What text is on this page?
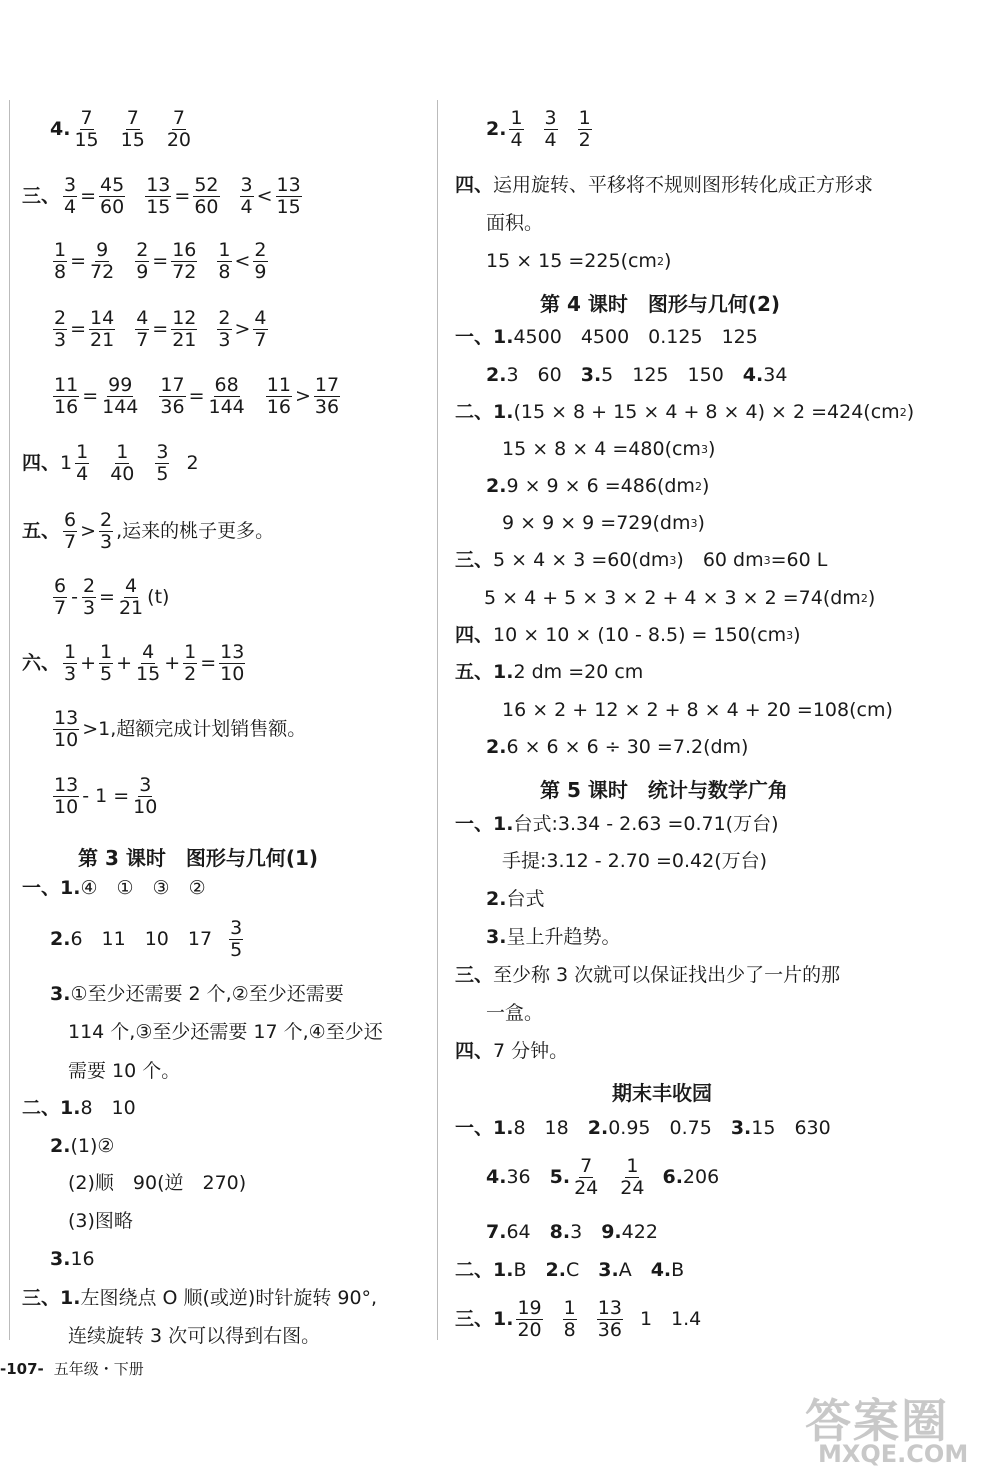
4. $\frac{7}{15} \frac{7}{15} \frac{7}{20}$
三、 $\frac{3}{4} = \frac{45}{60} \frac{13}{15} = \frac{52}{60} \frac{3}{4} < \frac{13}{15}$
$\frac{1}{8} = \frac{9}{72} \frac{2}{9} = \frac{16}{72} \frac{1}{8} < \frac{2}{9}$
$\frac{2}{3} = \frac{14}{21} \frac{4}{7} = \frac{12}{21} \frac{2}{3} > \frac{4}{7}$
$\frac{11}{16} = \frac{99}{144} \frac{17}{36} = \frac{68}{144} \frac{11}{16} > \frac{17}{36}$
四、 $1 \frac{1}{4} \frac{1}{40} \frac{3}{5} 2$
五、 $\frac{6}{7} > \frac{2}{3}$ ,运来的桃子更多。
$\frac{6}{7} - \frac{2}{3} = \frac{4}{21} (t)$
六、 $\frac{1}{3} + \frac{1}{5} + \frac{4}{15} + \frac{1}{2} = \frac{13}{10}$
$\frac{13}{10} >1$,超额完成计划销售额。
$\frac{13}{10} - 1 = \frac{3}{10}$
第 3 课时　图形与几何(1)
一、 1. ④　①　③　②
2. 6　11　10　$17 \frac{3}{5}$
3. ①至少还需要 2 个,②至少还需要
114 个,③至少还需要 17 个,④至少还
需要 10 个。
二、 1. 8　10
2. (1)②
(2)顺　90(逆　270)
(3)图略
3. 16
三、 1. 左图绕点 O 顺(或逆)时针旋转 90°,
连续旋转 3 次可以得到右图。
2. $\frac{1}{4} \frac{3}{4} \frac{1}{2}$
四、 运用旋转、平移将不规则图形转化成正方形求
面积。
15 × 15 =225(cm 2 )
第 4 课时　图形与几何(2)
一、 1. 4500　4500　0.125　125
2. 3　60　 3. 5　125　150　 4. 34
二、 1. (15 × 8 + 15 × 4 + 8 × 4) × 2 =424(cm 2 )
15 × 8 × 4 =480(cm 3 )
2. 9 × 9 × 6 =486(dm 2 )
9 × 9 × 9 =729(dm 3 )
三、 5 × 4 × 3 =60(dm 3 )　60 dm 3 =60 L
5 × 4 + 5 × 3 × 2 + 4 × 3 × 2 =74(dm 2 )
四、 10 × 10 × (10 - 8.5) = 150(cm 3 )
五、 1. 2 dm =20 cm
16 × 2 + 12 × 2 + 8 × 4 + 20 =108(cm)
2. 6 × 6 × 6 ÷ 30 =7.2(dm)
第 5 课时　统计与数学广角
一、 1. 台式:3.34 - 2.63 =0.71(万台)
手提:3.12 - 2.70 =0.42(万台)
2. 台式
3. 呈上升趋势。
三、 至少称 3 次就可以保证找出少了一片的那
一盒。
四、 7 分钟。
期末丰收园
一、 1. 8　18　 2. 0.95　0.75　 3. 15　630
4. 36　 5. $\frac{7}{24} \frac{1}{24} 6$. 206
7. 64　 8. 3　 9. 422
二、 1. B　 2. C　 3. A　 4. B
三、 1. $\frac{19}{20} \frac{1}{8} \frac{13}{36} 1$　1.4
-107- 五年级・下册
答案圈
MXQE.COM
